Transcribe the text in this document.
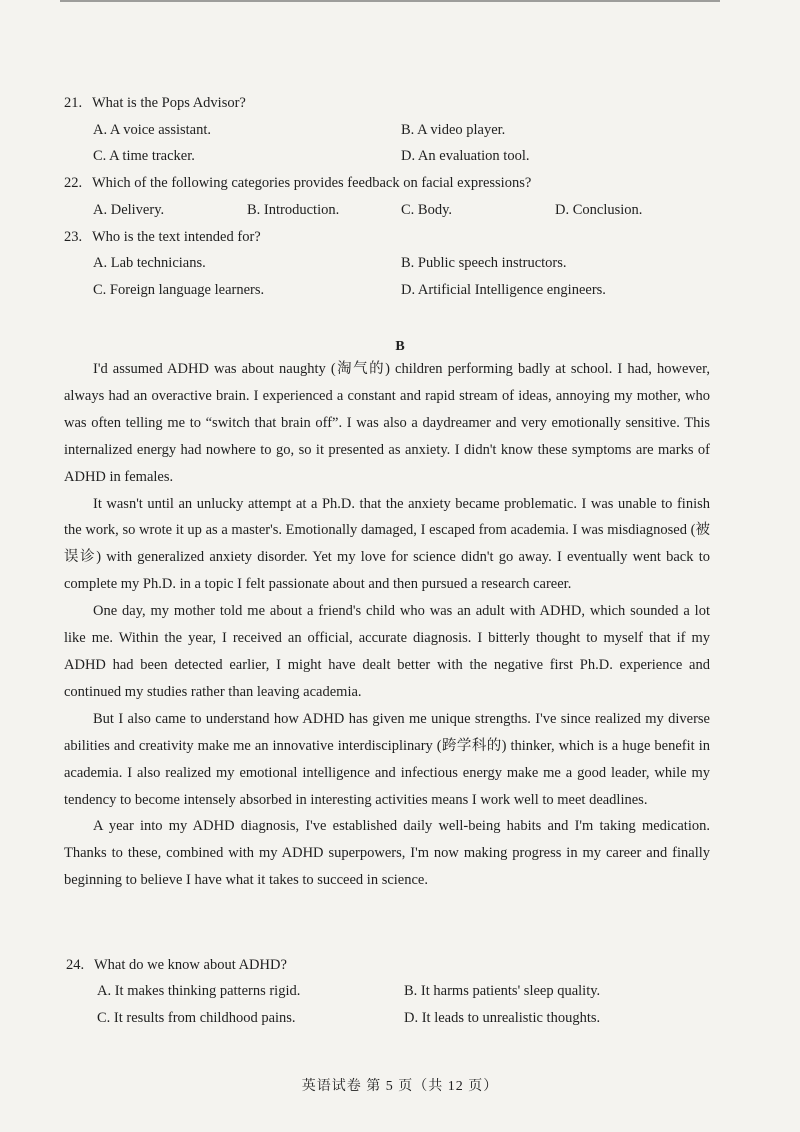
21. What is the Pops Advisor?
A. A voice assistant.	B. A video player.
C. A time tracker.	D. An evaluation tool.
22. Which of the following categories provides feedback on facial expressions?
A. Delivery.	B. Introduction.	C. Body.	D. Conclusion.
23. Who is the text intended for?
A. Lab technicians.	B. Public speech instructors.
C. Foreign language learners.	D. Artificial Intelligence engineers.
B

I'd assumed ADHD was about naughty (淘气的) children performing badly at school. I had, however, always had an overactive brain. I experienced a constant and rapid stream of ideas, annoying my mother, who was often telling me to “switch that brain off”. I was also a daydreamer and very emotionally sensitive. This internalized energy had nowhere to go, so it presented as anxiety. I didn't know these symptoms are marks of ADHD in females.

It wasn't until an unlucky attempt at a Ph.D. that the anxiety became problematic. I was unable to finish the work, so wrote it up as a master's. Emotionally damaged, I escaped from academia. I was misdiagnosed (被误诊) with generalized anxiety disorder. Yet my love for science didn't go away. I eventually went back to complete my Ph.D. in a topic I felt passionate about and then pursued a research career.

One day, my mother told me about a friend's child who was an adult with ADHD, which sounded a lot like me. Within the year, I received an official, accurate diagnosis. I bitterly thought to myself that if my ADHD had been detected earlier, I might have dealt better with the negative first Ph.D. experience and continued my studies rather than leaving academia.

But I also came to understand how ADHD has given me unique strengths. I've since realized my diverse abilities and creativity make me an innovative interdisciplinary (跨学科的) thinker, which is a huge benefit in academia. I also realized my emotional intelligence and infectious energy make me a good leader, while my tendency to become intensely absorbed in interesting activities means I work well to meet deadlines.

A year into my ADHD diagnosis, I've established daily well-being habits and I'm taking medication. Thanks to these, combined with my ADHD superpowers, I'm now making progress in my career and finally beginning to believe I have what it takes to succeed in science.

24. What do we know about ADHD?
A. It makes thinking patterns rigid.	B. It harms patients' sleep quality.
C. It results from childhood pains.	D. It leads to unrealistic thoughts.
英语试卷 第 5 页（共 12 页）
